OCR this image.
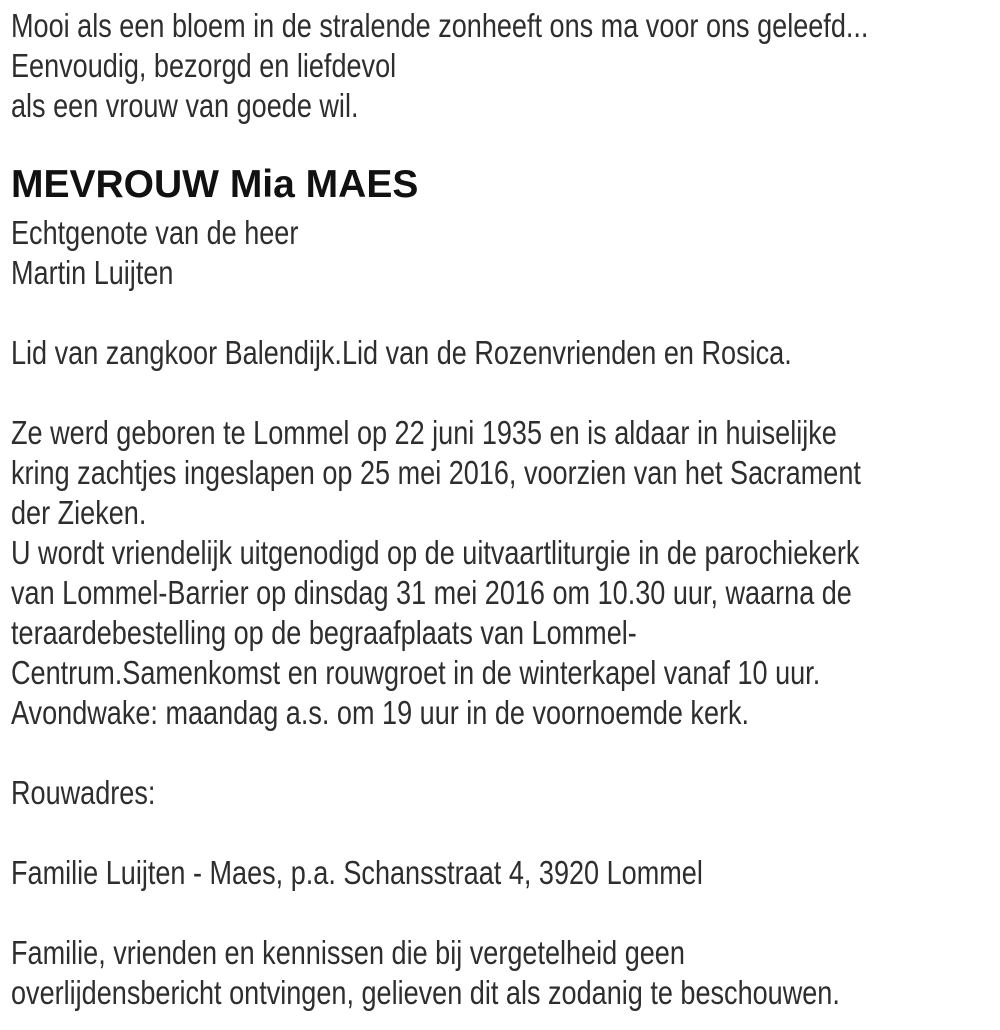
Mooi als een bloem in de stralende zonheeft ons ma voor ons geleefd...
Eenvoudig, bezorgd en liefdevol
als een vrouw van goede wil.
MEVROUW Mia MAES
Echtgenote van de heer
Martin Luijten
Lid van zangkoor Balendijk.Lid van de Rozenvrienden en Rosica.
Ze werd geboren te Lommel op 22 juni 1935 en is aldaar in huiselijke
kring zachtjes ingeslapen op 25 mei 2016, voorzien van het Sacrament
der Zieken.
U wordt vriendelijk uitgenodigd op de uitvaartliturgie in de parochiekerk
van Lommel-Barrier op dinsdag 31 mei 2016 om 10.30 uur, waarna de
teraardebestelling op de begraafplaats van Lommel-
Centrum.Samenkomst en rouwgroet in de winterkapel vanaf 10 uur.
Avondwake: maandag a.s. om 19 uur in de voornoemde kerk.
Rouwadres:
Familie Luijten - Maes, p.a. Schansstraat 4, 3920 Lommel
Familie, vrienden en kennissen die bij vergetelheid geen
overlijdensbericht ontvingen, gelieven dit als zodanig te beschouwen.
